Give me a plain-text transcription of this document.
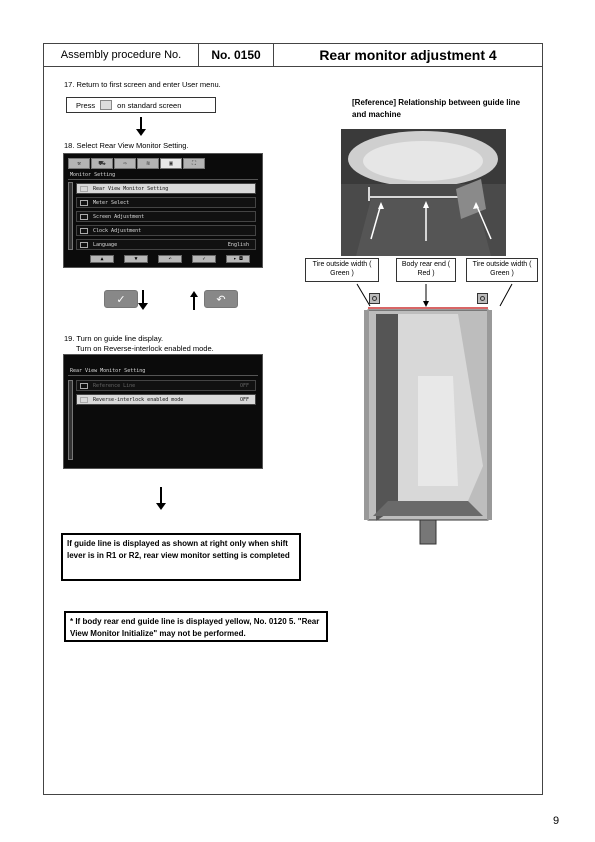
Assembly procedure No.	No. 0150	Rear monitor adjustment 4
17. Return to first screen and enter User menu.
Press	on standard screen
18. Select Rear View Monitor Setting.
⚒	⛟	⇨	≋	▣	⛶
Monitor Setting
Rear View Monitor Setting
Meter Select
Screen Adjustment
Clock Adjustment
Language	English
▲	▼	↶	✓	▸ ◘
✓	↶
19. Turn on guide line display.
Turn on Reverse-interlock enabled mode.
Rear View Monitor Setting
Reference Line	OFF
Reverse-interlock enabled mode	OFF
If guide line is displayed as shown at right only when shift lever is in R1 or R2, rear view monitor setting is completed
* If body rear end guide line is displayed yellow, No. 0120 5. "Rear View Monitor Initialize" may not be performed.
[Reference] Relationship between guide line and machine
Tire outside width ( Green )
Body rear end ( Red )
Tire outside width ( Green )
9
